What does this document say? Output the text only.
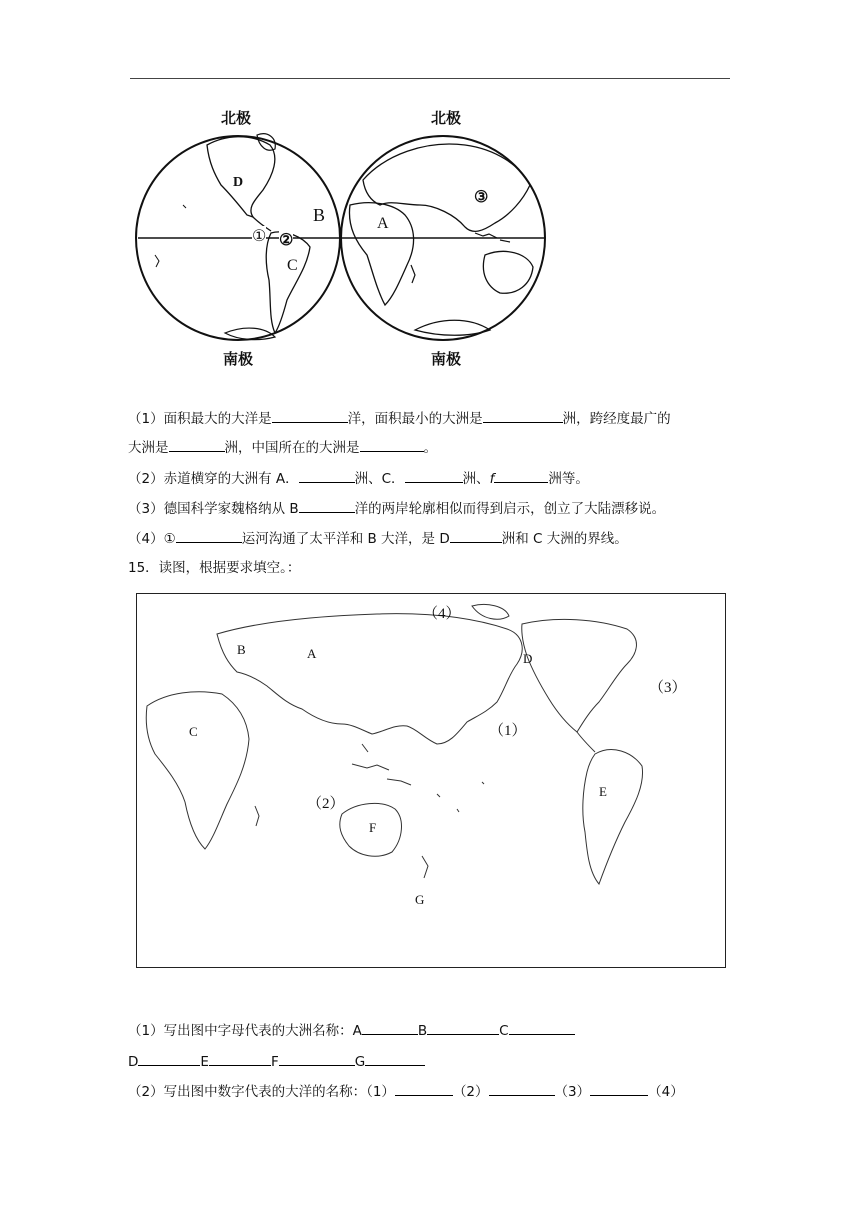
北极	北极
南极	南极
D
B
C
A
① ②
③
（1）面积最大的大洋是	洋，面积最小的大洲是	洲，跨经度最广的
大洲是	洲，中国所在的大洲是	。
（2）赤道横穿的大洲有 A．	洲、C．	洲、f	洲等。
（3）德国科学家魏格纳从 B	洋的两岸轮廓相似而得到启示，创立了大陆漂移说。
（4）①	运河沟通了太平洋和 B 大洋，是 D	洲和 C 大洲的界线。
15．读图，根据要求填空。：
（4）
B	A	D
（3）
C	（1）
（2）
E
F
G
（1）写出图中字母代表的大洲名称：A	B	C
D	E	F	G
（2）写出图中数字代表的大洋的名称：（1）	（2）	（3）	（4）
